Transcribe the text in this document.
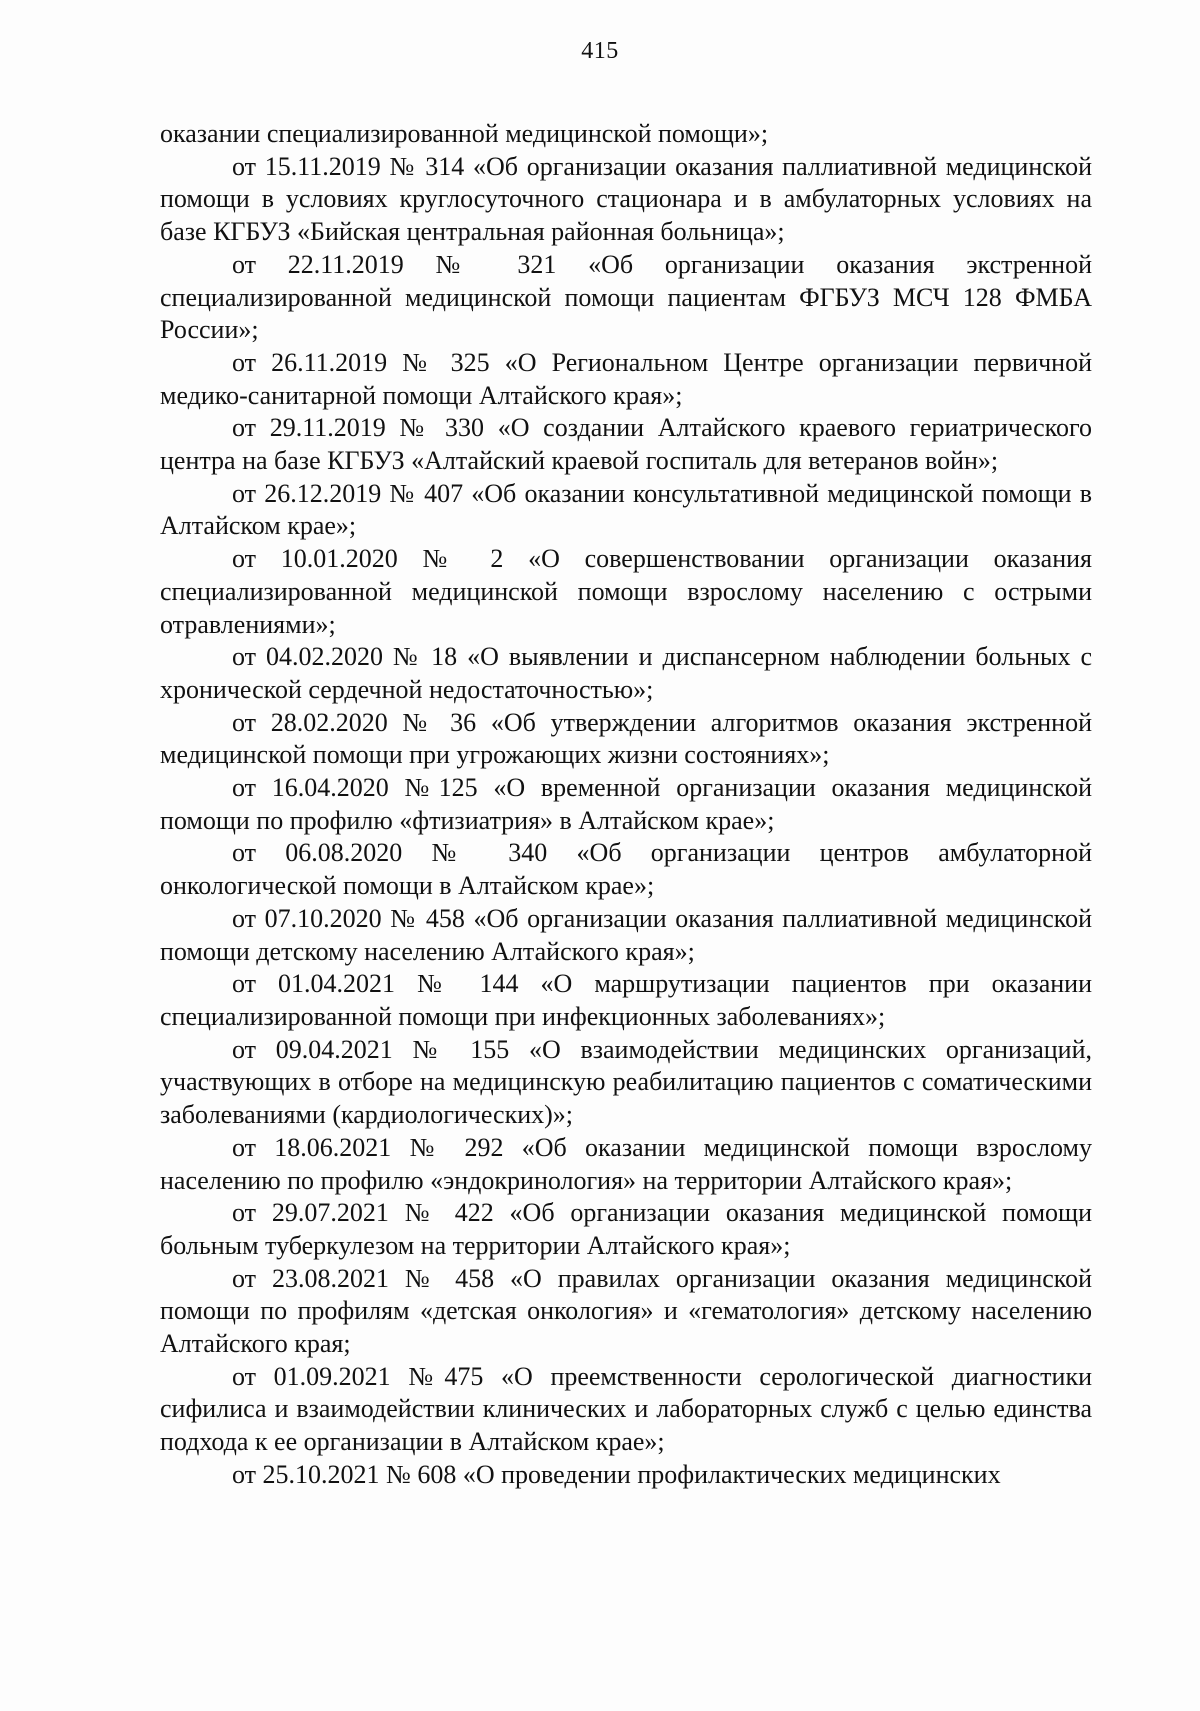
415

оказании специализированной медицинской помощи»;

от 15.11.2019 № 314 «Об организации оказания паллиативной медицинской помощи в условиях круглосуточного стационара и в амбулаторных условиях на базе КГБУЗ «Бийская центральная районная больница»;

от 22.11.2019 № 321 «Об организации оказания экстренной специализированной медицинской помощи пациентам ФГБУЗ МСЧ 128 ФМБА России»;

от 26.11.2019 № 325 «О Региональном Центре организации первичной медико-санитарной помощи Алтайского края»;

от 29.11.2019 № 330 «О создании Алтайского краевого гериатрического центра на базе КГБУЗ «Алтайский краевой госпиталь для ветеранов войн»;

от 26.12.2019 № 407 «Об оказании консультативной медицинской помощи в Алтайском крае»;

от 10.01.2020 № 2 «О совершенствовании организации оказания специализированной медицинской помощи взрослому населению с острыми отравлениями»;

от 04.02.2020 № 18 «О выявлении и диспансерном наблюдении больных с хронической сердечной недостаточностью»;

от 28.02.2020 № 36 «Об утверждении алгоритмов оказания экстренной медицинской помощи при угрожающих жизни состояниях»;

от 16.04.2020 №125 «О временной организации оказания медицинской помощи по профилю «фтизиатрия» в Алтайском крае»;

от 06.08.2020 № 340 «Об организации центров амбулаторной онкологической помощи в Алтайском крае»;

от 07.10.2020 № 458 «Об организации оказания паллиативной медицинской помощи детскому населению Алтайского края»;

от 01.04.2021 № 144 «О маршрутизации пациентов при оказании специализированной помощи при инфекционных заболеваниях»;

от 09.04.2021 № 155 «О взаимодействии медицинских организаций, участвующих в отборе на медицинскую реабилитацию пациентов с соматическими заболеваниями (кардиологических)»;

от 18.06.2021 № 292 «Об оказании медицинской помощи взрослому населению по профилю «эндокринология» на территории Алтайского края»;

от 29.07.2021 № 422 «Об организации оказания медицинской помощи больным туберкулезом на территории Алтайского края»;

от 23.08.2021 № 458 «О правилах организации оказания медицинской помощи по профилям «детская онкология» и «гематология» детскому населению Алтайского края;

от 01.09.2021 №475 «О преемственности серологической диагностики сифилиса и взаимодействии клинических и лабораторных служб с целью единства подхода к ее организации в Алтайском крае»;

от 25.10.2021 № 608 «О проведении профилактических медицинских
